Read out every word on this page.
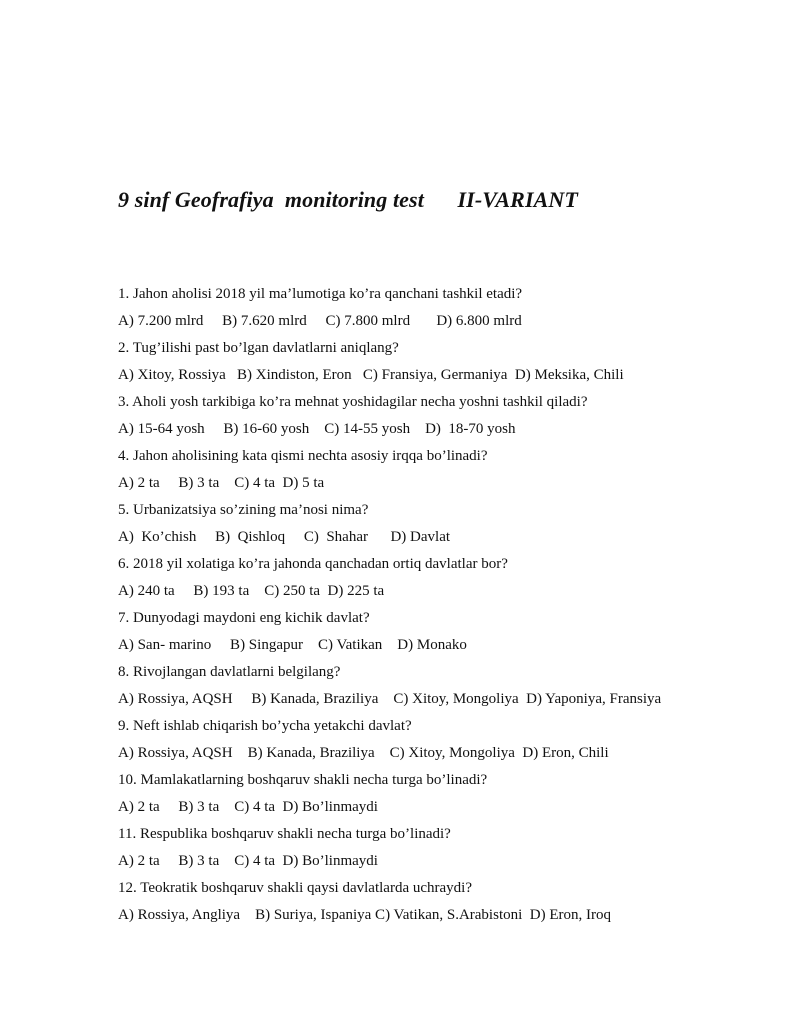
9 sinf Geofrafiya  monitoring test      II-VARIANT
1. Jahon aholisi 2018 yil ma’lumotiga ko’ra qanchani tashkil etadi?
A) 7.200 mlrd     B) 7.620 mlrd     C) 7.800 mlrd       D) 6.800 mlrd
2. Tug’ilishi past bo’lgan davlatlarni aniqlang?
A) Xitoy, Rossiya   B) Xindiston, Eron   C) Fransiya, Germaniya  D) Meksika, Chili
3. Aholi yosh tarkibiga ko’ra mehnat yoshidagilar necha yoshni tashkil qiladi?
A) 15-64 yosh     B) 16-60 yosh    C) 14-55 yosh    D)  18-70 yosh
4. Jahon aholisining kata qismi nechta asosiy irqqa bo’linadi?
A) 2 ta     B) 3 ta    C) 4 ta  D) 5 ta
5. Urbanizatsiya so’zining ma’nosi nima?
A)  Ko’chish     B)  Qishloq     C)  Shahar      D) Davlat
6. 2018 yil xolatiga ko’ra jahonda qanchadan ortiq davlatlar bor?
A) 240 ta     B) 193 ta    C) 250 ta  D) 225 ta
7. Dunyodagi maydoni eng kichik davlat?
A) San- marino     B) Singapur    C) Vatikan    D) Monako
8. Rivojlangan davlatlarni belgilang?
A) Rossiya, AQSH     B) Kanada, Braziliya    C) Xitoy, Mongoliya  D) Yaponiya, Fransiya
9. Neft ishlab chiqarish bo’ycha yetakchi davlat?
A) Rossiya, AQSH    B) Kanada, Braziliya    C) Xitoy, Mongoliya  D) Eron, Chili
10. Mamlakatlarning boshqaruv shakli necha turga bo’linadi?
A) 2 ta     B) 3 ta    C) 4 ta  D) Bo’linmaydi
11. Respublika boshqaruv shakli necha turga bo’linadi?
A) 2 ta     B) 3 ta    C) 4 ta  D) Bo’linmaydi
12. Teokratik boshqaruv shakli qaysi davlatlarda uchraydi?
A) Rossiya, Angliya    B) Suriya, Ispaniya C) Vatikan, S.Arabistoni  D) Eron, Iroq
